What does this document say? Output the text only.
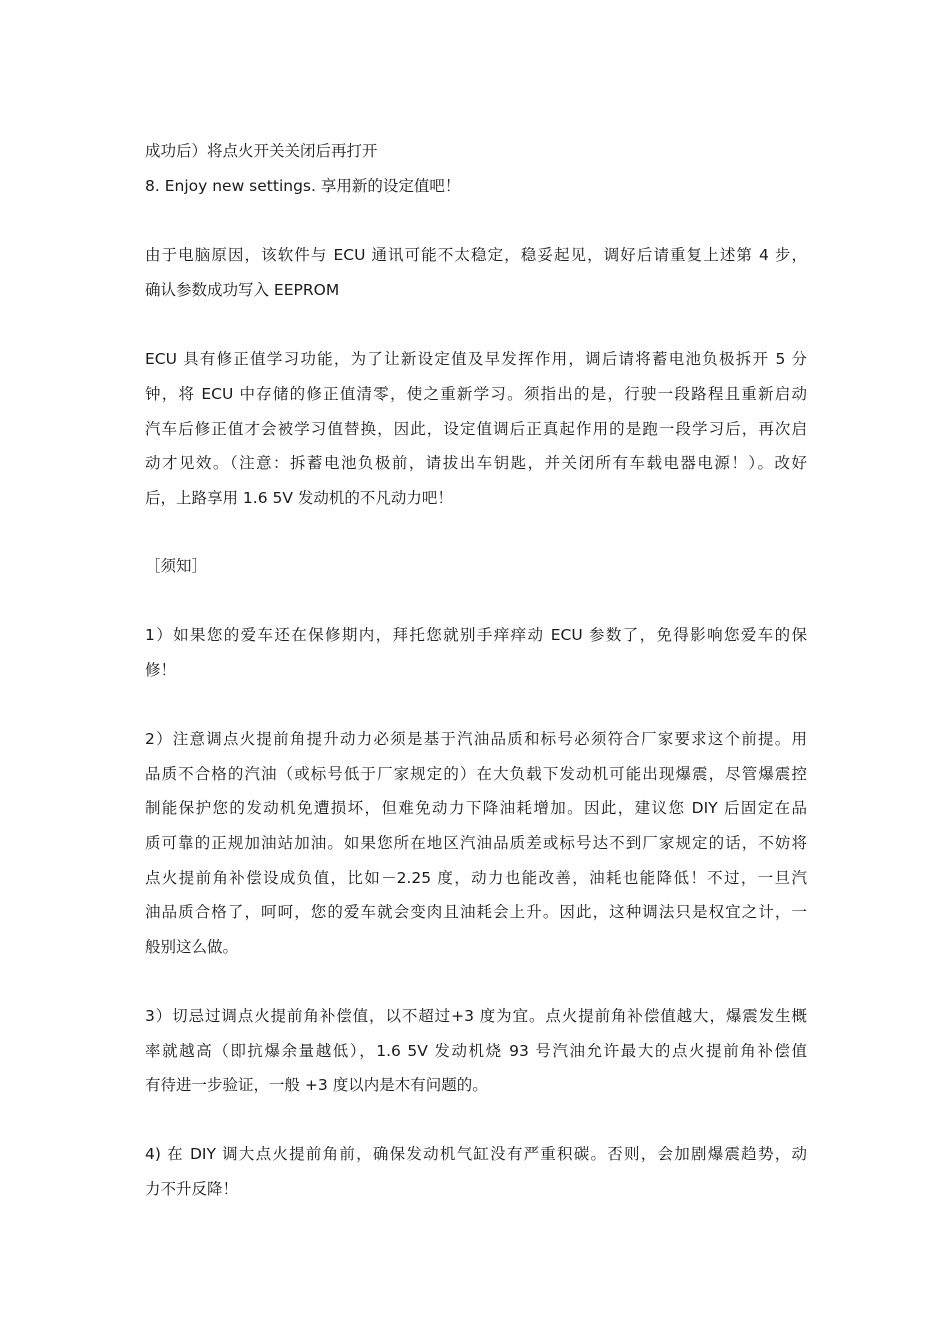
成功后）将点火开关关闭后再打开

8. Enjoy new settings. 享用新的设定值吧！

由于电脑原因，该软件与 ECU 通讯可能不太稳定，稳妥起见，调好后请重复上述第 4 步，

确认参数成功写入 EEPROM

ECU 具有修正值学习功能，为了让新设定值及早发挥作用，调后请将蓄电池负极拆开 5 分

钟，将 ECU 中存储的修正值清零，使之重新学习。须指出的是，行驶一段路程且重新启动

汽车后修正值才会被学习值替换，因此，设定值调后正真起作用的是跑一段学习后，再次启

动才见效。（注意：拆蓄电池负极前，请拔出车钥匙，并关闭所有车载电器电源！）。改好

后，上路享用 1.6 5V 发动机的不凡动力吧！

［须知］

1）如果您的爱车还在保修期内，拜托您就别手痒痒动 ECU 参数了，免得影响您爱车的保

修！

2）注意调点火提前角提升动力必须是基于汽油品质和标号必须符合厂家要求这个前提。用

品质不合格的汽油（或标号低于厂家规定的）在大负载下发动机可能出现爆震，尽管爆震控

制能保护您的发动机免遭损坏，但难免动力下降油耗增加。因此，建议您 DIY 后固定在品

质可靠的正规加油站加油。如果您所在地区汽油品质差或标号达不到厂家规定的话，不妨将

点火提前角补偿设成负值，比如－2.25 度，动力也能改善，油耗也能降低！不过，一旦汽

油品质合格了，呵呵，您的爱车就会变肉且油耗会上升。因此，这种调法只是权宜之计，一

般别这么做。

3）切忌过调点火提前角补偿值，以不超过+3 度为宜。点火提前角补偿值越大，爆震发生概

率就越高（即抗爆余量越低），1.6 5V 发动机烧 93 号汽油允许最大的点火提前角补偿值

有待进一步验证，一般 +3 度以内是木有问题的。

4) 在 DIY 调大点火提前角前，确保发动机气缸没有严重积碳。否则，会加剧爆震趋势，动

力不升反降！
